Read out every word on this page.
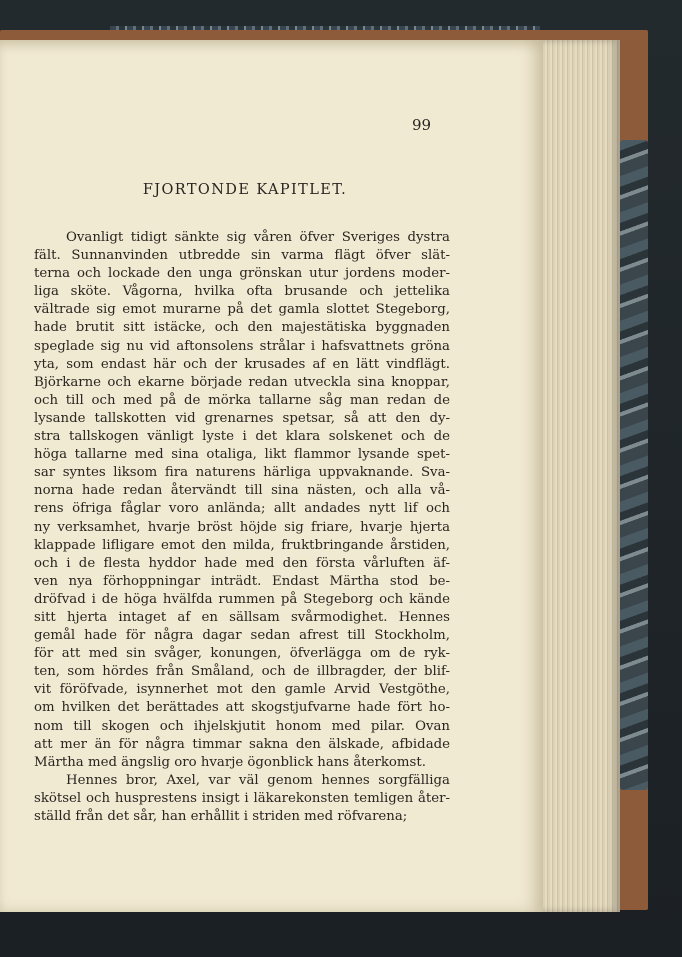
99
FJORTONDE KAPITLET.
Ovanligt tidigt sänkte sig våren öfver Sveriges dystra
fält. Sunnanvinden utbredde sin varma flägt öfver slät-
terna och lockade den unga grönskan utur jordens moder-
liga sköte. Vågorna, hvilka ofta brusande och jettelika
vältrade sig emot murarne på det gamla slottet Stegeborg,
hade brutit sitt istäcke, och den majestätiska byggnaden
speglade sig nu vid aftonsolens strålar i hafsvattnets gröna
yta, som endast här och der krusades af en lätt vindflägt.
Björkarne och ekarne började redan utveckla sina knoppar,
och till och med på de mörka tallarne såg man redan de
lysande tallskotten vid grenarnes spetsar, så att den dy-
stra tallskogen vänligt lyste i det klara solskenet och de
höga tallarne med sina otaliga, likt flammor lysande spet-
sar syntes liksom fira naturens härliga uppvaknande. Sva-
norna hade redan återvändt till sina nästen, och alla vå-
rens öfriga fåglar voro anlända; allt andades nytt lif och
ny verksamhet, hvarje bröst höjde sig friare, hvarje hjerta
klappade lifligare emot den milda, fruktbringande årstiden,
och i de flesta hyddor hade med den första vårluften äf-
ven nya förhoppningar inträdt. Endast Märtha stod be-
dröfvad i de höga hvälfda rummen på Stegeborg och kände
sitt hjerta intaget af en sällsam svårmodighet. Hennes
gemål hade för några dagar sedan afrest till Stockholm,
för att med sin svåger, konungen, öfverlägga om de ryk-
ten, som hördes från Småland, och de illbragder, der blif-
vit föröfvade, isynnerhet mot den gamle Arvid Vestgöthe,
om hvilken det berättades att skogstjufvarne hade fört ho-
nom till skogen och ihjelskjutit honom med pilar. Ovan
att mer än för några timmar sakna den älskade, afbidade
Märtha med ängslig oro hvarje ögonblick hans återkomst.
Hennes bror, Axel, var väl genom hennes sorgfälliga
skötsel och husprestens insigt i läkarekonsten temligen åter-
ställd från det sår, han erhållit i striden med röfvarena;
